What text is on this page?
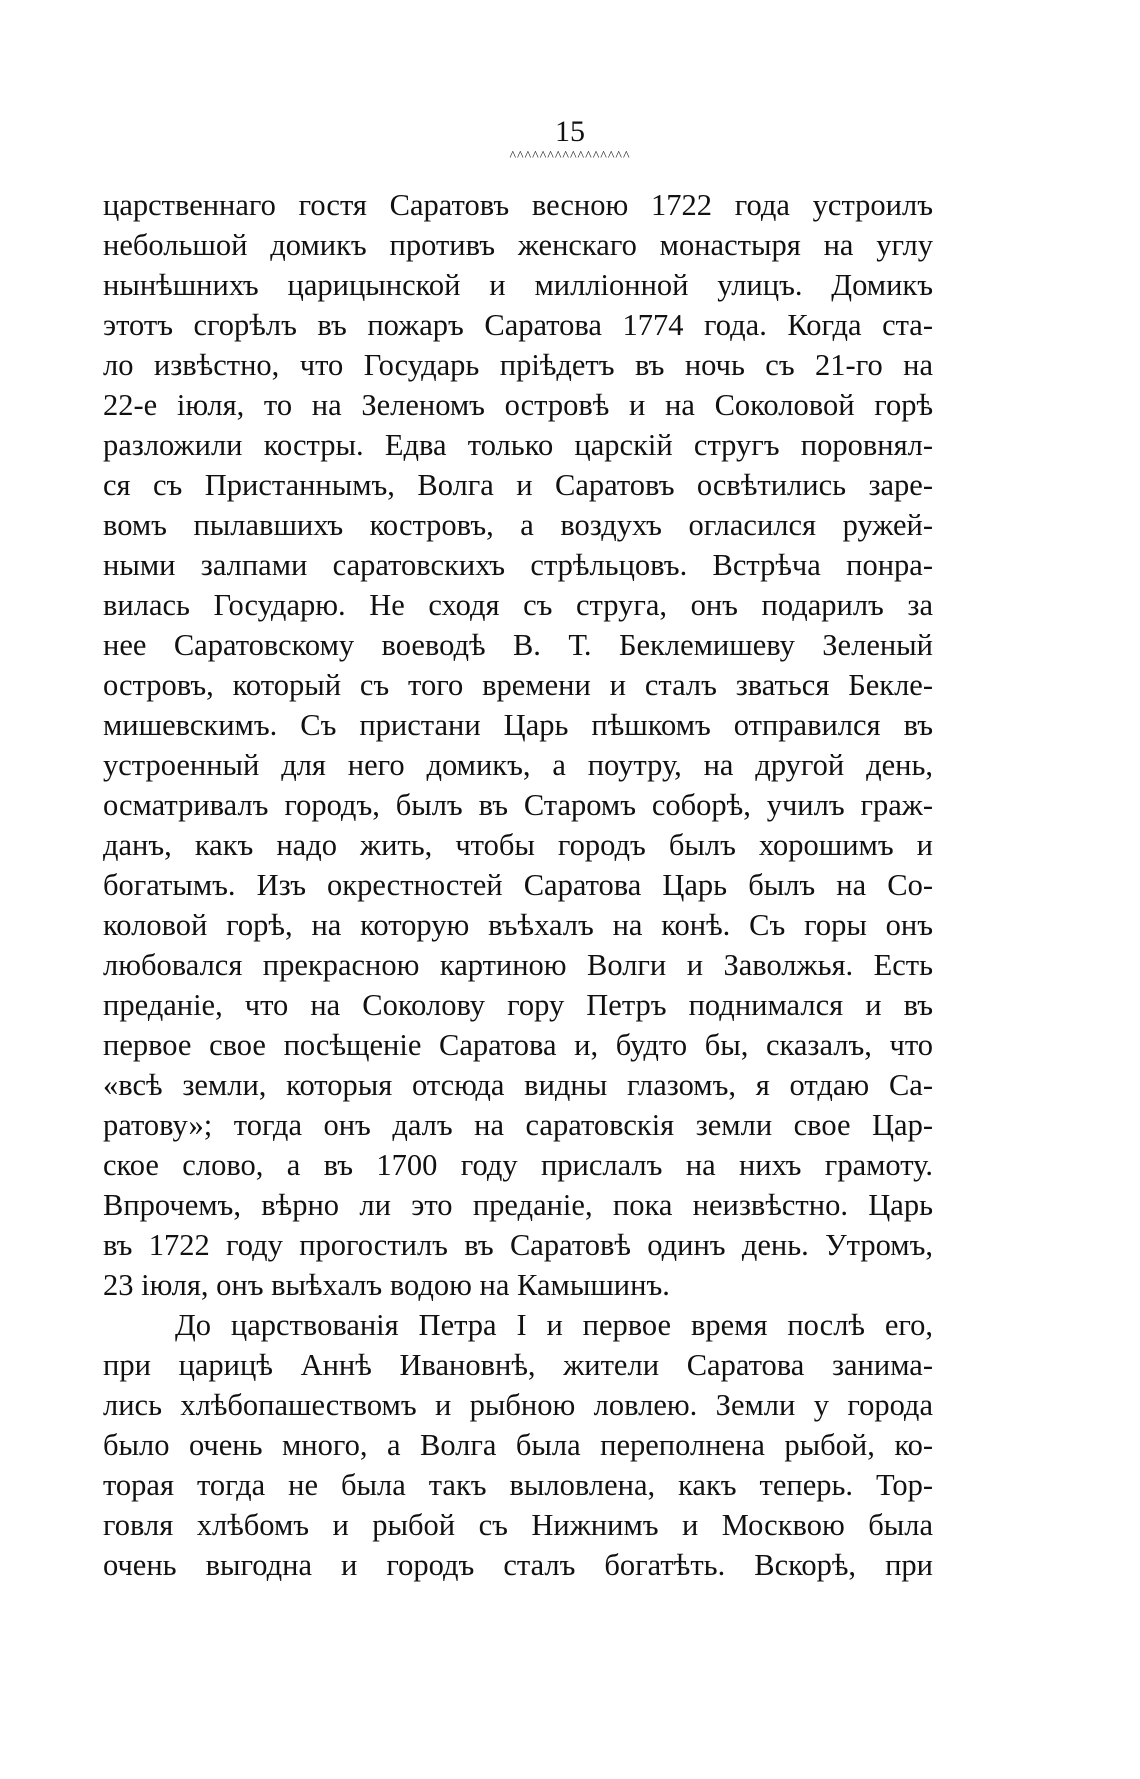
15
^^^^^^^^^^^^^^^^
царственнаго гостя Саратовъ весною 1722 года устроилъ
небольшой домикъ противъ женскаго монастыря на углу
нынѣшнихъ царицынской и милліонной улицъ. Домикъ
этотъ сгорѣлъ въ пожаръ Саратова 1774 года. Когда ста-
ло извѣстно, что Государь пріѣдетъ въ ночь съ 21-го на
22-е іюля, то на Зеленомъ островѣ и на Соколовой горѣ
разложили костры. Едва только царскій стругъ поровнял-
ся съ Пристаннымъ, Волга и Саратовъ освѣтились заре-
вомъ пылавшихъ костровъ, а воздухъ огласился ружей-
ными залпами саратовскихъ стрѣльцовъ. Встрѣча понра-
вилась Государю. Не сходя съ струга, онъ подарилъ за
нее Саратовскому воеводѣ В. Т. Беклемишеву Зеленый
островъ, который съ того времени и сталъ зваться Бекле-
мишевскимъ. Съ пристани Царь пѣшкомъ отправился въ
устроенный для него домикъ, а поутру, на другой день,
осматривалъ городъ, былъ въ Старомъ соборѣ, училъ граж-
данъ, какъ надо жить, чтобы городъ былъ хорошимъ и
богатымъ. Изъ окрестностей Саратова Царь былъ на Со-
коловой горѣ, на которую въѣхалъ на конѣ. Съ горы онъ
любовался прекрасною картиною Волги и Заволжья. Есть
преданіе, что на Соколову гору Петръ поднимался и въ
первое свое посѣщеніе Саратова и, будто бы, сказалъ, что
«всѣ земли, которыя отсюда видны глазомъ, я отдаю Са-
ратову»; тогда онъ далъ на саратовскія земли свое Цар-
ское слово, а въ 1700 году прислалъ на нихъ грамоту.
Впрочемъ, вѣрно ли это преданіе, пока неизвѣстно. Царь
въ 1722 году прогостилъ въ Саратовѣ одинъ день. Утромъ,
23 іюля, онъ выѣхалъ водою на Камышинъ.
До царствованія Петра I и первое время послѣ его,
при царицѣ Аннѣ Ивановнѣ, жители Саратова занима-
лись хлѣбопашествомъ и рыбною ловлею. Земли у города
было очень много, а Волга была переполнена рыбой, ко-
торая тогда не была такъ выловлена, какъ теперь. Тор-
говля хлѣбомъ и рыбой съ Нижнимъ и Москвою была
очень выгодна и городъ сталъ богатѣть. Вскорѣ, при
